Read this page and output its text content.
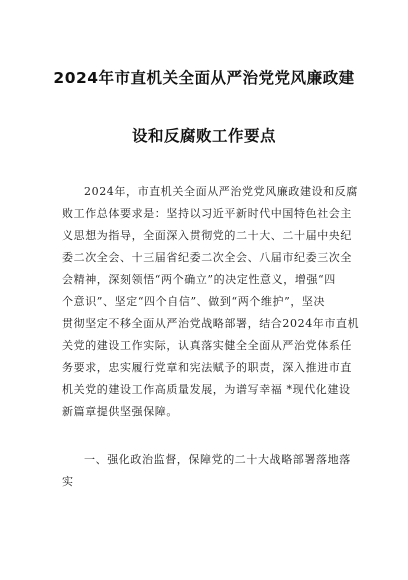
2024年市直机关全面从严治党党风廉政建
设和反腐败工作要点
2024年，市直机关全面从严治党党风廉政建设和反腐
败工作总体要求是：坚持以习近平新时代中国特色社会主
义思想为指导，全面深入贯彻党的二十大、二十届中央纪
委二次全会、十三届省纪委二次全会、八届市纪委三次全
会精神，深刻领悟“两个确立”的决定性意义，增强“四
个意识”、坚定“四个自信”、做到“两个维护”，坚决
贯彻坚定不移全面从严治党战略部署，结合2024年市直机
关党的建设工作实际，认真落实健全全面从严治党体系任
务要求，忠实履行党章和宪法赋予的职责，深入推进市直
机关党的建设工作高质量发展，为谱写幸福 *现代化建设
新篇章提供坚强保障。
一、强化政治监督，保障党的二十大战略部署落地落
实
